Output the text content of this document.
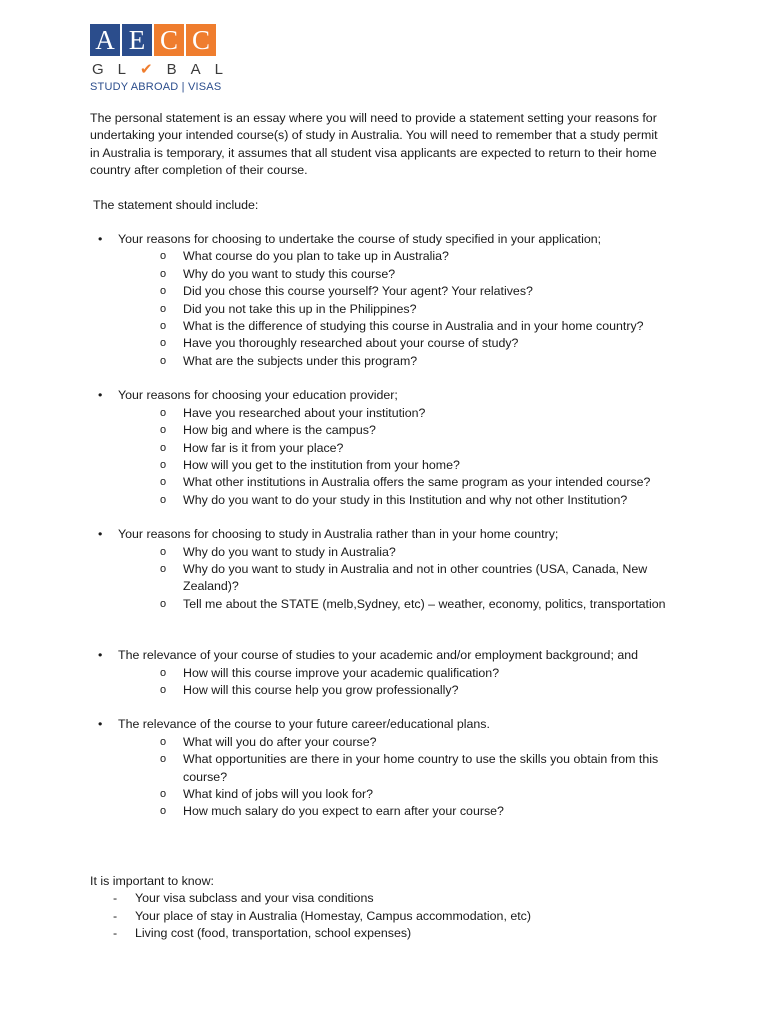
A E C C
GL✔BAL
STUDY ABROAD | VISAS

The personal statement is an essay where you will need to provide a statement setting your reasons for undertaking your intended course(s) of study in Australia. You will need to remember that a study permit in Australia is temporary, it assumes that all student visa applicants are expected to return to their home country after completion of their course.

The statement should include:

• Your reasons for choosing to undertake the course of study specified in your application;
o What course do you plan to take up in Australia?
o Why do you want to study this course?
o Did you chose this course yourself? Your agent? Your relatives?
o Did you not take this up in the Philippines?
o What is the difference of studying this course in Australia and in your home country?
o Have you thoroughly researched about your course of study?
o What are the subjects under this program?
• Your reasons for choosing your education provider;
o Have you researched about your institution?
o How big and where is the campus?
o How far is it from your place?
o How will you get to the institution from your home?
o What other institutions in Australia offers the same program as your intended course?
o Why do you want to do your study in this Institution and why not other Institution?
• Your reasons for choosing to study in Australia rather than in your home country;
o Why do you want to study in Australia?
o Why do you want to study in Australia and not in other countries (USA, Canada, New Zealand)?
o Tell me about the STATE (melb,Sydney, etc) – weather, economy, politics, transportation
• The relevance of your course of studies to your academic and/or employment background; and
o How will this course improve your academic qualification?
o How will this course help you grow professionally?
• The relevance of the course to your future career/educational plans.
o What will you do after your course?
o What opportunities are there in your home country to use the skills you obtain from this course?
o What kind of jobs will you look for?
o How much salary do you expect to earn after your course?
It is important to know:
- Your visa subclass and your visa conditions
- Your place of stay in Australia (Homestay, Campus accommodation, etc)
- Living cost (food, transportation, school expenses)
